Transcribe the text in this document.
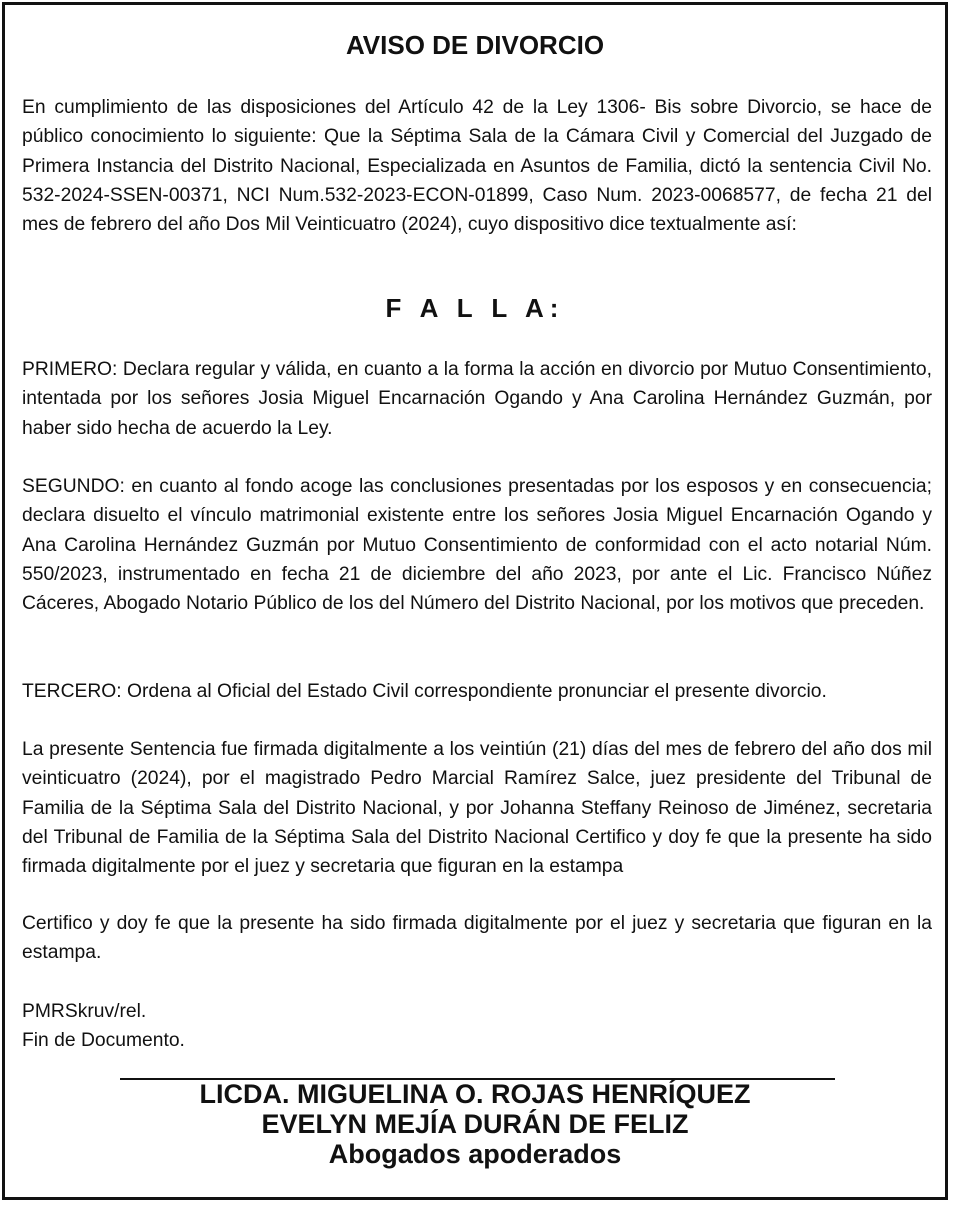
AVISO DE DIVORCIO

En cumplimiento de las disposiciones del Artículo 42 de la Ley 1306- Bis sobre Divorcio, se hace de público conocimiento lo siguiente: Que la Séptima Sala de la Cámara Civil y Comercial del Juzgado de Primera Instancia del Distrito Nacional, Especializada en Asuntos de Familia, dictó la sentencia Civil No. 532-2024-SSEN-00371, NCI Num.532-2023-ECON-01899, Caso Num. 2023-0068577, de fecha 21 del mes de febrero del año Dos Mil Veinticuatro (2024), cuyo dispositivo dice textualmente así:

F A L L A:

PRIMERO: Declara regular y válida, en cuanto a la forma la acción en divorcio por Mutuo Consentimiento, intentada por los señores Josia Miguel Encarnación Ogando y Ana Carolina Hernández Guzmán, por haber sido hecha de acuerdo la Ley.

SEGUNDO: en cuanto al fondo acoge las conclusiones presentadas por los esposos y en consecuencia; declara disuelto el vínculo matrimonial existente entre los señores Josia Miguel Encarnación Ogando y Ana Carolina Hernández Guzmán por Mutuo Consentimiento de conformidad con el acto notarial Núm. 550/2023, instrumentado en fecha 21 de diciembre del año 2023, por ante el Lic. Francisco Núñez Cáceres, Abogado Notario Público de los del Número del Distrito Nacional, por los motivos que preceden.

TERCERO: Ordena al Oficial del Estado Civil correspondiente pronunciar el presente divorcio.

La presente Sentencia fue firmada digitalmente a los veintiún (21) días del mes de febrero del año dos mil veinticuatro (2024), por el magistrado Pedro Marcial Ramírez Salce, juez presidente del Tribunal de Familia de la Séptima Sala del Distrito Nacional, y por Johanna Steffany Reinoso de Jiménez, secretaria del Tribunal de Familia de la Séptima Sala del Distrito Nacional Certifico y doy fe que la presente ha sido firmada digitalmente por el juez y secretaria que figuran en la estampa

Certifico y doy fe que la presente ha sido firmada digitalmente por el juez y secretaria que figuran en la estampa.

PMRSkruv/rel.

Fin de Documento.

LICDA. MIGUELINA O. ROJAS HENRÍQUEZ
EVELYN MEJÍA DURÁN DE FELIZ
Abogados apoderados
